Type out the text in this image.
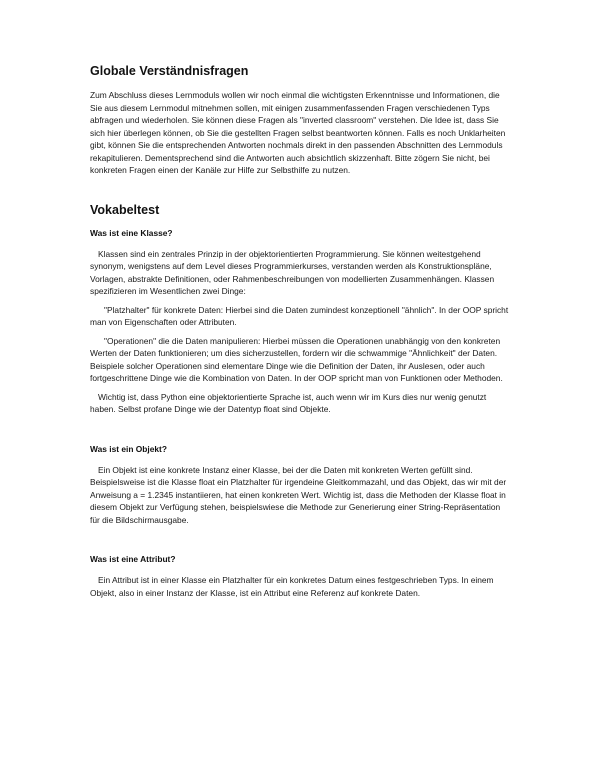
Globale Verständnisfragen

Zum Abschluss dieses Lernmoduls wollen wir noch einmal die wichtigsten Erkenntnisse und Informationen, die Sie aus diesem Lernmodul mitnehmen sollen, mit einigen zusammenfassenden Fragen verschiedenen Typs abfragen und wiederholen. Sie können diese Fragen als "inverted classroom" verstehen. Die Idee ist, dass Sie sich hier überlegen können, ob Sie die gestellten Fragen selbst beantworten können. Falls es noch Unklarheiten gibt, können Sie die entsprechenden Antworten nochmals direkt in den passenden Abschnitten des Lernmoduls rekapitulieren. Dementsprechend sind die Antworten auch absichtlich skizzenhaft. Bitte zögern Sie nicht, bei konkreten Fragen einen der Kanäle zur Hilfe zur Selbsthilfe zu nutzen.

Vokabeltest
Was ist eine Klasse?

Klassen sind ein zentrales Prinzip in der objektorientierten Programmierung. Sie können weitestgehend synonym, wenigstens auf dem Level dieses Programmierkurses, verstanden werden als Konstruktionspläne, Vorlagen, abstrakte Definitionen, oder Rahmenbeschreibungen von modellierten Zusammenhängen. Klassen spezifizieren im Wesentlichen zwei Dinge:

"Platzhalter" für konkrete Daten: Hierbei sind die Daten zumindest konzeptionell "ähnlich". In der OOP spricht man von Eigenschaften oder Attributen.

"Operationen" die die Daten manipulieren: Hierbei müssen die Operationen unabhängig von den konkreten Werten der Daten funktionieren; um dies sicherzustellen, fordern wir die schwammige "Ähnlichkeit" der Daten. Beispiele solcher Operationen sind elementare Dinge wie die Definition der Daten, ihr Auslesen, oder auch fortgeschrittene Dinge wie die Kombination von Daten. In der OOP spricht man von Funktionen oder Methoden.

Wichtig ist, dass Python eine objektorientierte Sprache ist, auch wenn wir im Kurs dies nur wenig genutzt haben. Selbst profane Dinge wie der Datentyp float sind Objekte.

Was ist ein Objekt?

Ein Objekt ist eine konkrete Instanz einer Klasse, bei der die Daten mit konkreten Werten gefüllt sind. Beispielsweise ist die Klasse float ein Platzhalter für irgendeine Gleitkommazahl, und das Objekt, das wir mit der Anweisung a = 1.2345 instantiieren, hat einen konkreten Wert. Wichtig ist, dass die Methoden der Klasse float in diesem Objekt zur Verfügung stehen, beispielswiese die Methode zur Generierung einer String-Repräsentation für die Bildschirmausgabe.

Was ist eine Attribut?

Ein Attribut ist in einer Klasse ein Platzhalter für ein konkretes Datum eines festgeschrieben Typs. In einem Objekt, also in einer Instanz der Klasse, ist ein Attribut eine Referenz auf konkrete Daten.
